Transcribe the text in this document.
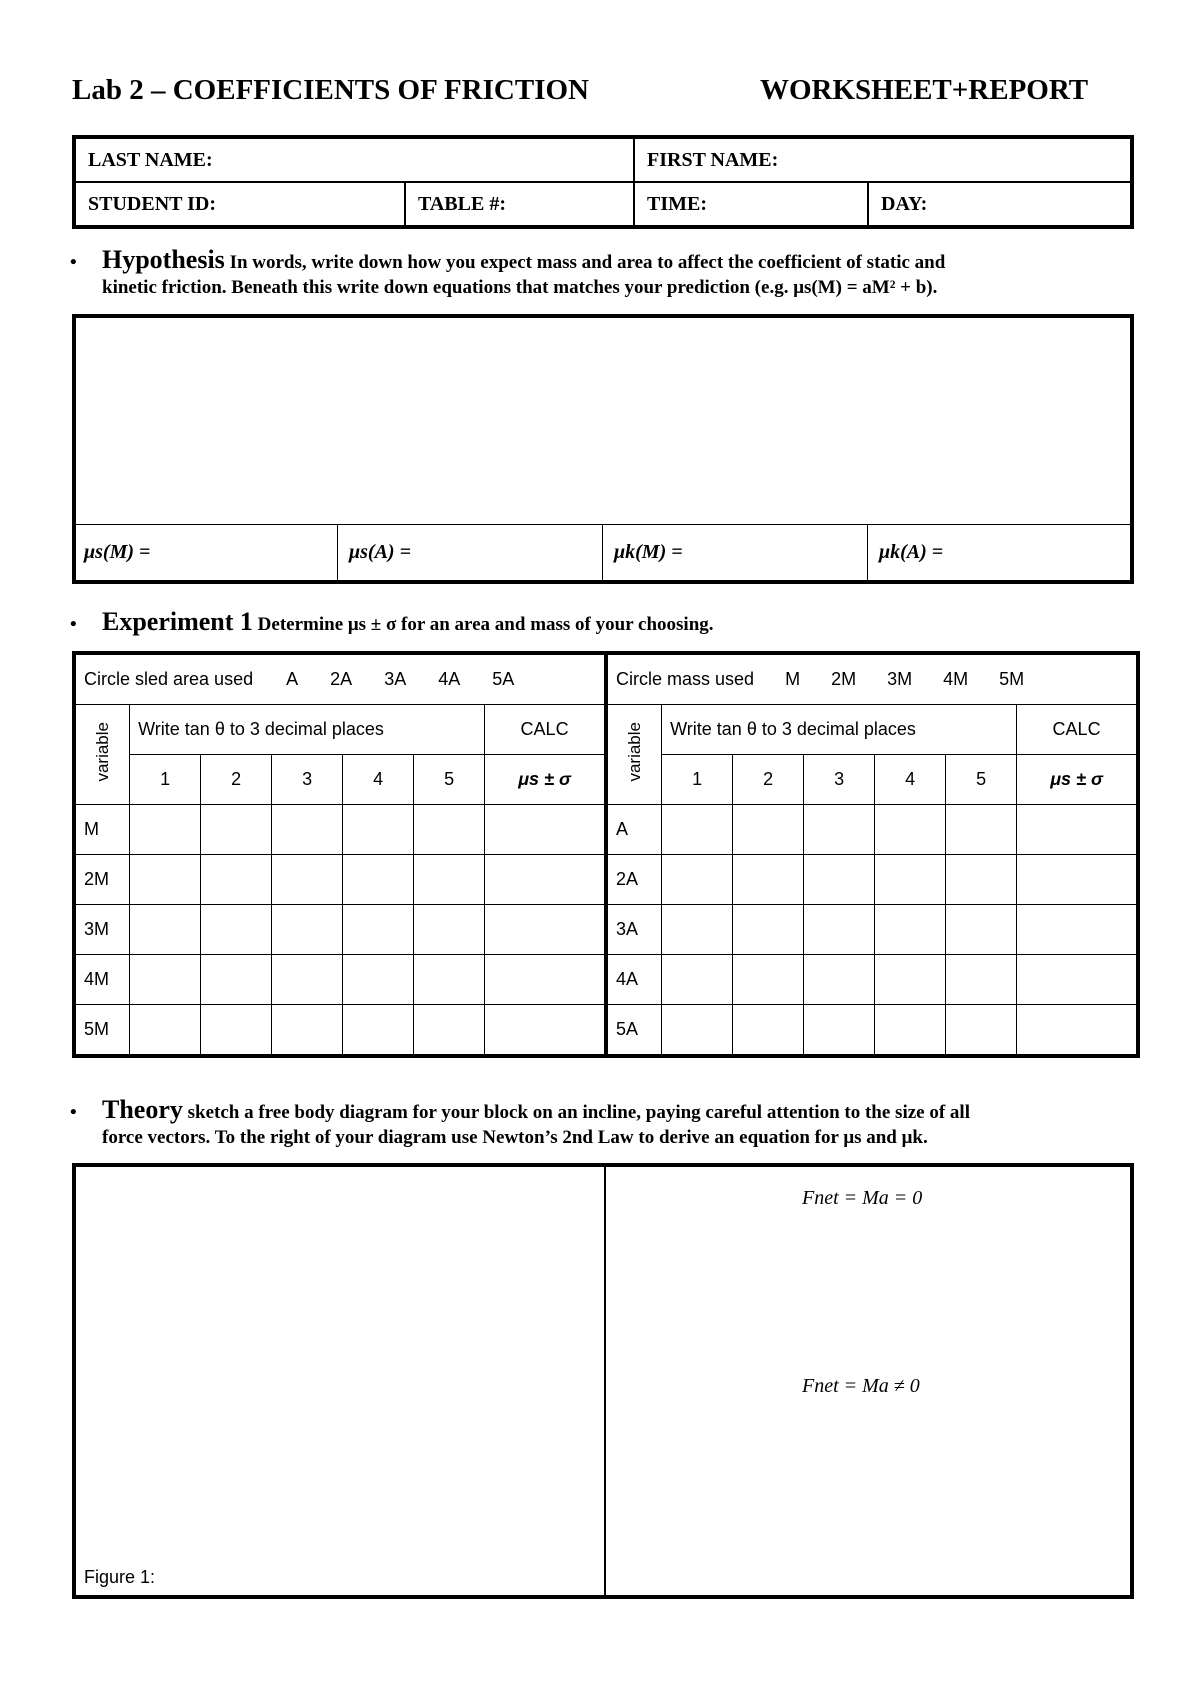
Lab 2 – COEFFICIENTS OF FRICTION	WORKSHEET+REPORT
LAST NAME:		FIRST NAME:	
STUDENT ID:	TABLE #:	TIME:	DAY:
• Hypothesis In words, write down how you expect mass and area to affect the coefficient of static and
kinetic friction. Beneath this write down equations that matches your prediction (e.g. μs(M) = aM² + b).
μs(M) =	μs(A) =	μk(M) =	μk(A) =
• Experiment 1 Determine μs ± σ for an area and mass of your choosing.
Circle sled area used A 2A 3A 4A 5A						
variable	Write tan θ to 3 decimal places					CALC
	1	2	3	4	5	μs ± σ
M						
2M						
3M						
4M						
5M						
Circle mass used M 2M 3M 4M 5M						
variable	Write tan θ to 3 decimal places					CALC
	1	2	3	4	5	μs ± σ
A						
2A						
3A						
4A						
5A						
• Theory sketch a free body diagram for your block on an incline, paying careful attention to the size of all
force vectors. To the right of your diagram use Newton’s 2nd Law to derive an equation for μs and μk.
Figure 1:
Fnet = Ma = 0
Fnet = Ma ≠ 0
